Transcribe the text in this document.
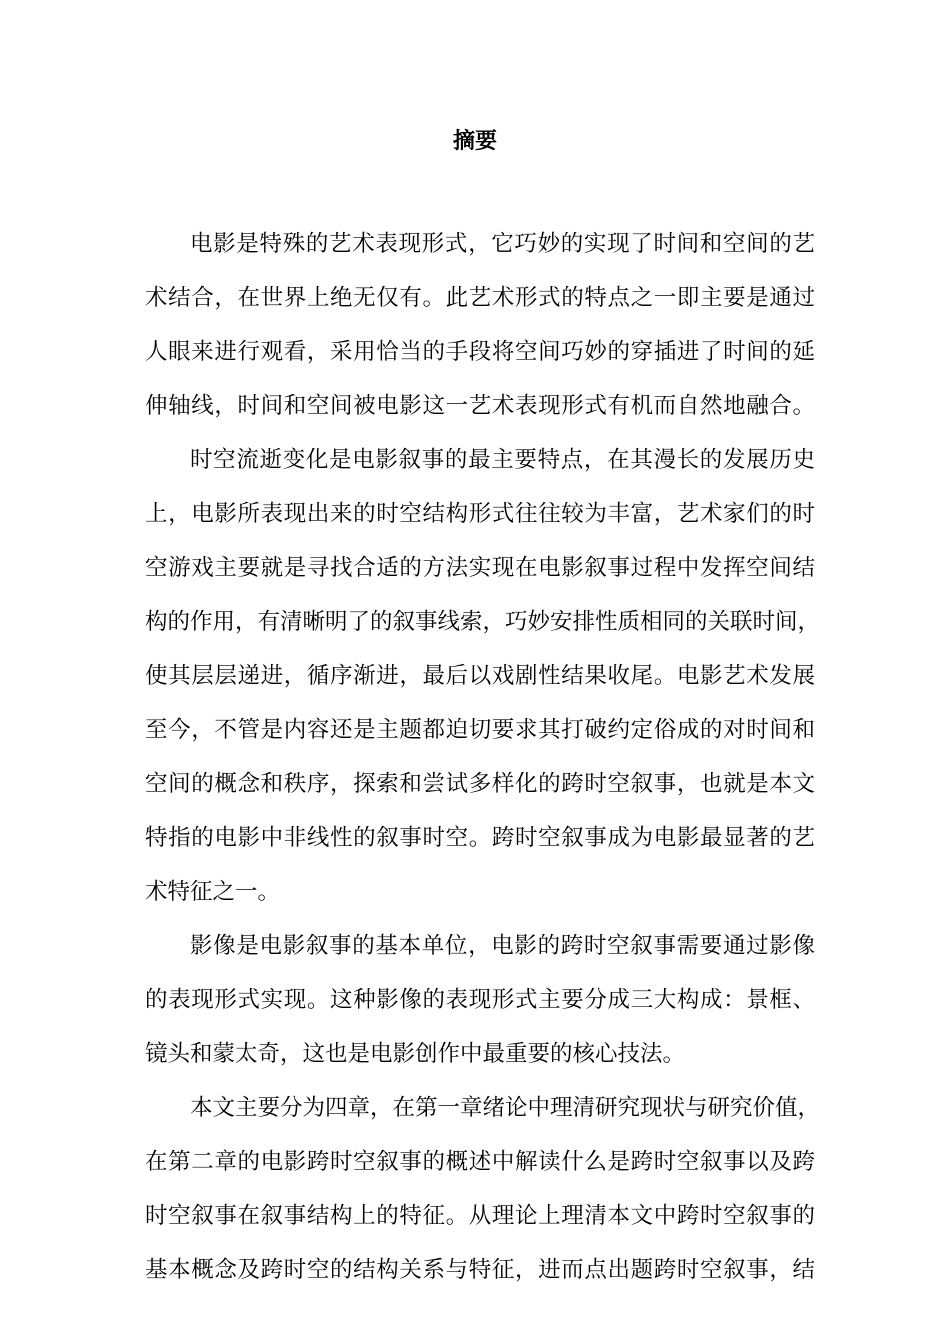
摘要
电影是特殊的艺术表现形式，它巧妙的实现了时间和空间的艺
术结合，在世界上绝无仅有。此艺术形式的特点之一即主要是通过
人眼来进行观看，采用恰当的手段将空间巧妙的穿插进了时间的延
伸轴线，时间和空间被电影这一艺术表现形式有机而自然地融合。
时空流逝变化是电影叙事的最主要特点，在其漫长的发展历史
上，电影所表现出来的时空结构形式往往较为丰富，艺术家们的时
空游戏主要就是寻找合适的方法实现在电影叙事过程中发挥空间结
构的作用，有清晰明了的叙事线索，巧妙安排性质相同的关联时间，
使其层层递进，循序渐进，最后以戏剧性结果收尾。电影艺术发展
至今，不管是内容还是主题都迫切要求其打破约定俗成的对时间和
空间的概念和秩序，探索和尝试多样化的跨时空叙事，也就是本文
特指的电影中非线性的叙事时空。跨时空叙事成为电影最显著的艺
术特征之一。
影像是电影叙事的基本单位，电影的跨时空叙事需要通过影像
的表现形式实现。这种影像的表现形式主要分成三大构成：景框、
镜头和蒙太奇，这也是电影创作中最重要的核心技法。
本文主要分为四章，在第一章绪论中理清研究现状与研究价值，
在第二章的电影跨时空叙事的概述中解读什么是跨时空叙事以及跨
时空叙事在叙事结构上的特征。从理论上理清本文中跨时空叙事的
基本概念及跨时空的结构关系与特征，进而点出题跨时空叙事，结
